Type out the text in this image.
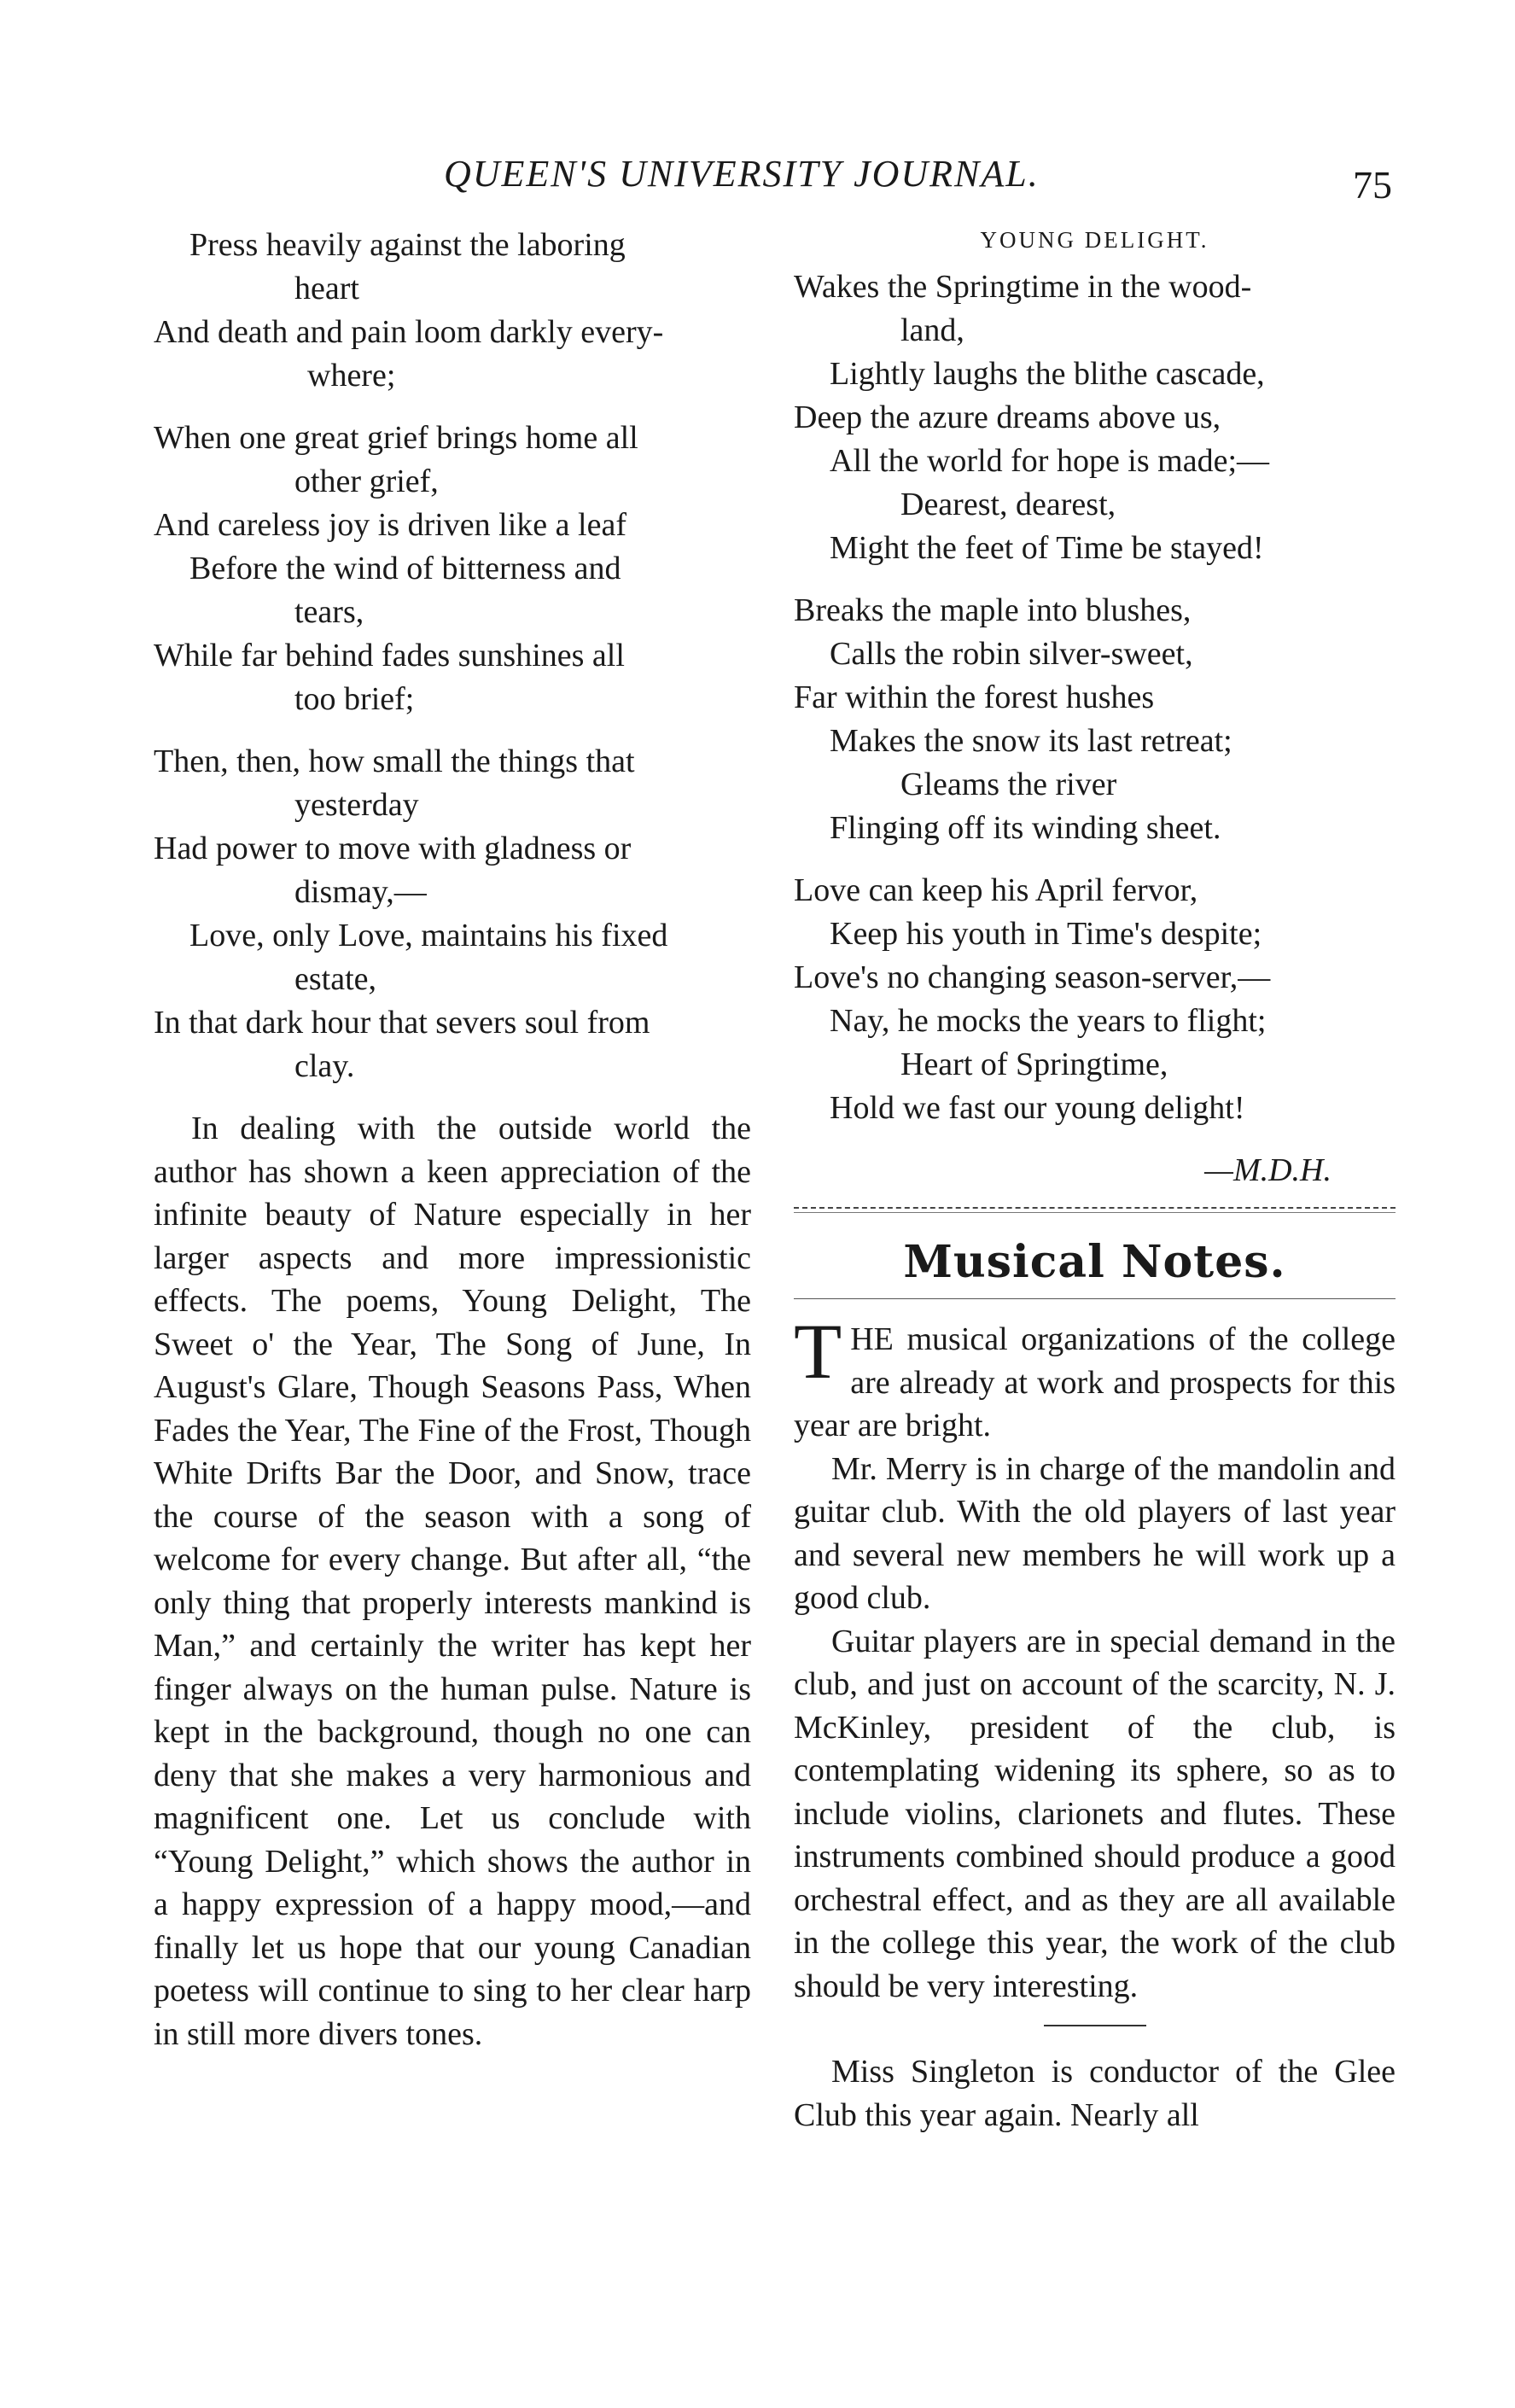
QUEEN'S UNIVERSITY JOURNAL.	75
Press heavily against the laboring
heart
And death and pain loom darkly every-
where;
When one great grief brings home all
other grief,
And careless joy is driven like a leaf
Before the wind of bitterness and
tears,
While far behind fades sunshines all
too brief;
Then, then, how small the things that
yesterday
Had power to move with gladness or
dismay,—
Love, only Love, maintains his fixed
estate,
In that dark hour that severs soul from
clay.

In dealing with the outside world the author has shown a keen appreciation of the infinite beauty of Nature especially in her larger aspects and more impressionistic effects. The poems, Young Delight, The Sweet o' the Year, The Song of June, In August's Glare, Though Seasons Pass, When Fades the Year, The Fine of the Frost, Though White Drifts Bar the Door, and Snow, trace the course of the season with a song of welcome for every change. But after all, “the only thing that properly interests mankind is Man,” and certainly the writer has kept her finger always on the human pulse. Nature is kept in the background, though no one can deny that she makes a very harmonious and magnificent one. Let us conclude with “Young Delight,” which shows the author in a happy expression of a happy mood,—and finally let us hope that our young Canadian poetess will continue to sing to her clear harp in still more divers tones.

YOUNG DELIGHT.
Wakes the Springtime in the wood-
land,
Lightly laughs the blithe cascade,
Deep the azure dreams above us,
All the world for hope is made;—
Dearest, dearest,
Might the feet of Time be stayed!
Breaks the maple into blushes,
Calls the robin silver-sweet,
Far within the forest hushes
Makes the snow its last retreat;
Gleams the river
Flinging off its winding sheet.
Love can keep his April fervor,
Keep his youth in Time's despite;
Love's no changing season-server,—
Nay, he mocks the years to flight;
Heart of Springtime,
Hold we fast our young delight!
—M.D.H.
Musical Notes.

THE musical organizations of the college are already at work and prospects for this year are bright.

Mr. Merry is in charge of the mandolin and guitar club. With the old players of last year and several new members he will work up a good club.

Guitar players are in special demand in the club, and just on account of the scarcity, N. J. McKinley, president of the club, is contemplating widening its sphere, so as to include violins, clarionets and flutes. These instruments combined should produce a good orchestral effect, and as they are all available in the college this year, the work of the club should be very interesting.

Miss Singleton is conductor of the Glee Club this year again. Nearly all
